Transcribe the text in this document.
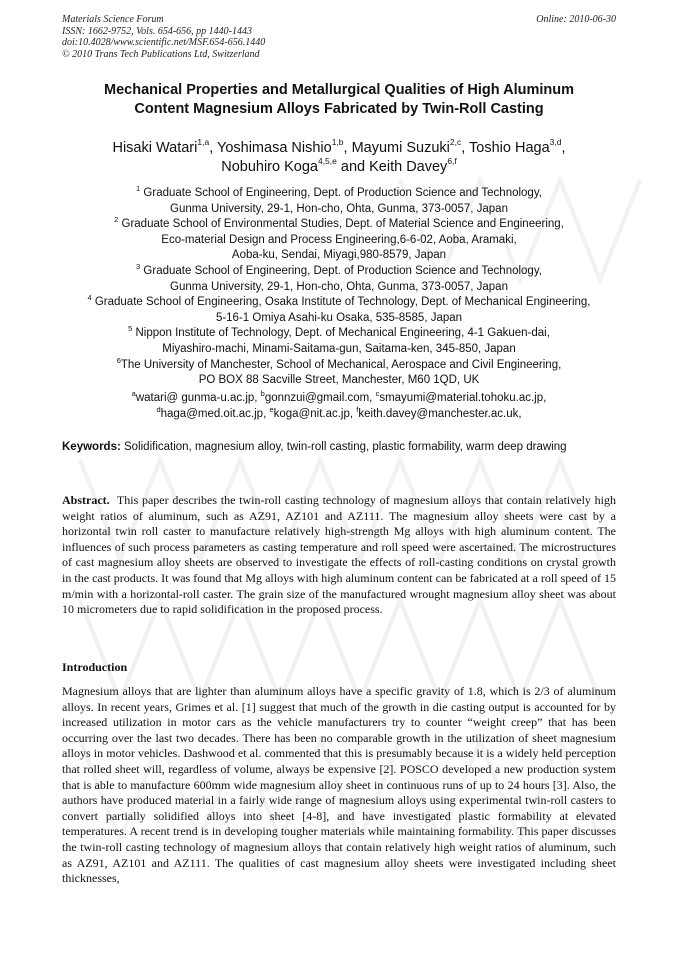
Materials Science Forum
ISSN: 1662-9752, Vols. 654-656, pp 1440-1443
doi:10.4028/www.scientific.net/MSF.654-656.1440
© 2010 Trans Tech Publications Ltd, Switzerland
Online: 2010-06-30
Mechanical Properties and Metallurgical Qualities of High Aluminum
Content Magnesium Alloys Fabricated by Twin-Roll Casting
Hisaki Watari$^{1,a}$, Yoshimasa Nishio$^{1,b}$, Mayumi Suzuki$^{2,c}$, Toshio Haga$^{3,d}$,
Nobuhiro Koga$^{4,5,e}$ and Keith Davey$^{6,f}$
$^1$ Graduate School of Engineering, Dept. of Production Science and Technology,
Gunma University, 29-1, Hon-cho, Ohta, Gunma, 373-0057, Japan
$^2$ Graduate School of Environmental Studies, Dept. of Material Science and Engineering,
Eco-material Design and Process Engineering,6-6-02, Aoba, Aramaki,
Aoba-ku, Sendai, Miyagi,980-8579, Japan
$^3$ Graduate School of Engineering, Dept. of Production Science and Technology,
Gunma University, 29-1, Hon-cho, Ohta, Gunma, 373-0057, Japan
$^4$ Graduate School of Engineering, Osaka Institute of Technology, Dept. of Mechanical Engineering,
5-16-1 Omiya Asahi-ku Osaka, 535-8585, Japan
$^5$ Nippon Institute of Technology, Dept. of Mechanical Engineering, 4-1 Gakuen-dai,
Miyashiro-machi, Minami-Saitama-gun, Saitama-ken, 345-850, Japan
$^6$The University of Manchester, School of Mechanical, Aerospace and Civil Engineering,
PO BOX 88 Sacville Street, Manchester, M60 1QD, UK
$^a$watari@ gunma-u.ac.jp, $^b$gonnzui@gmail.com, $^c$smayumi@material.tohoku.ac.jp,
$^d$haga@med.oit.ac.jp, $^e$koga@nit.ac.jp, $^f$keith.davey@manchester.ac.uk,
Keywords: Solidification, magnesium alloy, twin-roll casting, plastic formability, warm deep drawing
Abstract.  This paper describes the twin-roll casting technology of magnesium alloys that contain relatively high weight ratios of aluminum, such as AZ91, AZ101 and AZ111. The magnesium alloy sheets were cast by a horizontal twin roll caster to manufacture relatively high-strength Mg alloys with high aluminum content. The influences of such process parameters as casting temperature and roll speed were ascertained. The microstructures of cast magnesium alloy sheets are observed to investigate the effects of roll-casting conditions on crystal growth in the cast products. It was found that Mg alloys with high aluminum content can be fabricated at a roll speed of 15 m/min with a horizontal-roll caster. The grain size of the manufactured wrought magnesium alloy sheet was about 10 micrometers due to rapid solidification in the proposed process.
Introduction
Magnesium alloys that are lighter than aluminum alloys have a specific gravity of 1.8, which is 2/3 of aluminum alloys. In recent years, Grimes et al. [1] suggest that much of the growth in die casting output is accounted for by increased utilization in motor cars as the vehicle manufacturers try to counter “weight creep” that has been occurring over the last two decades. There has been no comparable growth in the utilization of sheet magnesium alloys in motor vehicles. Dashwood et al. commented that this is presumably because it is a widely held perception that rolled sheet will, regardless of volume, always be expensive [2]. POSCO developed a new production system that is able to manufacture 600mm wide magnesium alloy sheet in continuous runs of up to 24 hours [3]. Also, the authors have produced material in a fairly wide range of magnesium alloys using experimental twin-roll casters to convert partially solidified alloys into sheet [4-8], and have investigated plastic formability at elevated temperatures. A recent trend is in developing tougher materials while maintaining formability. This paper discusses the twin-roll casting technology of magnesium alloys that contain relatively high weight ratios of aluminum, such as AZ91, AZ101 and AZ111. The qualities of cast magnesium alloy sheets were investigated including sheet thicknesses,
